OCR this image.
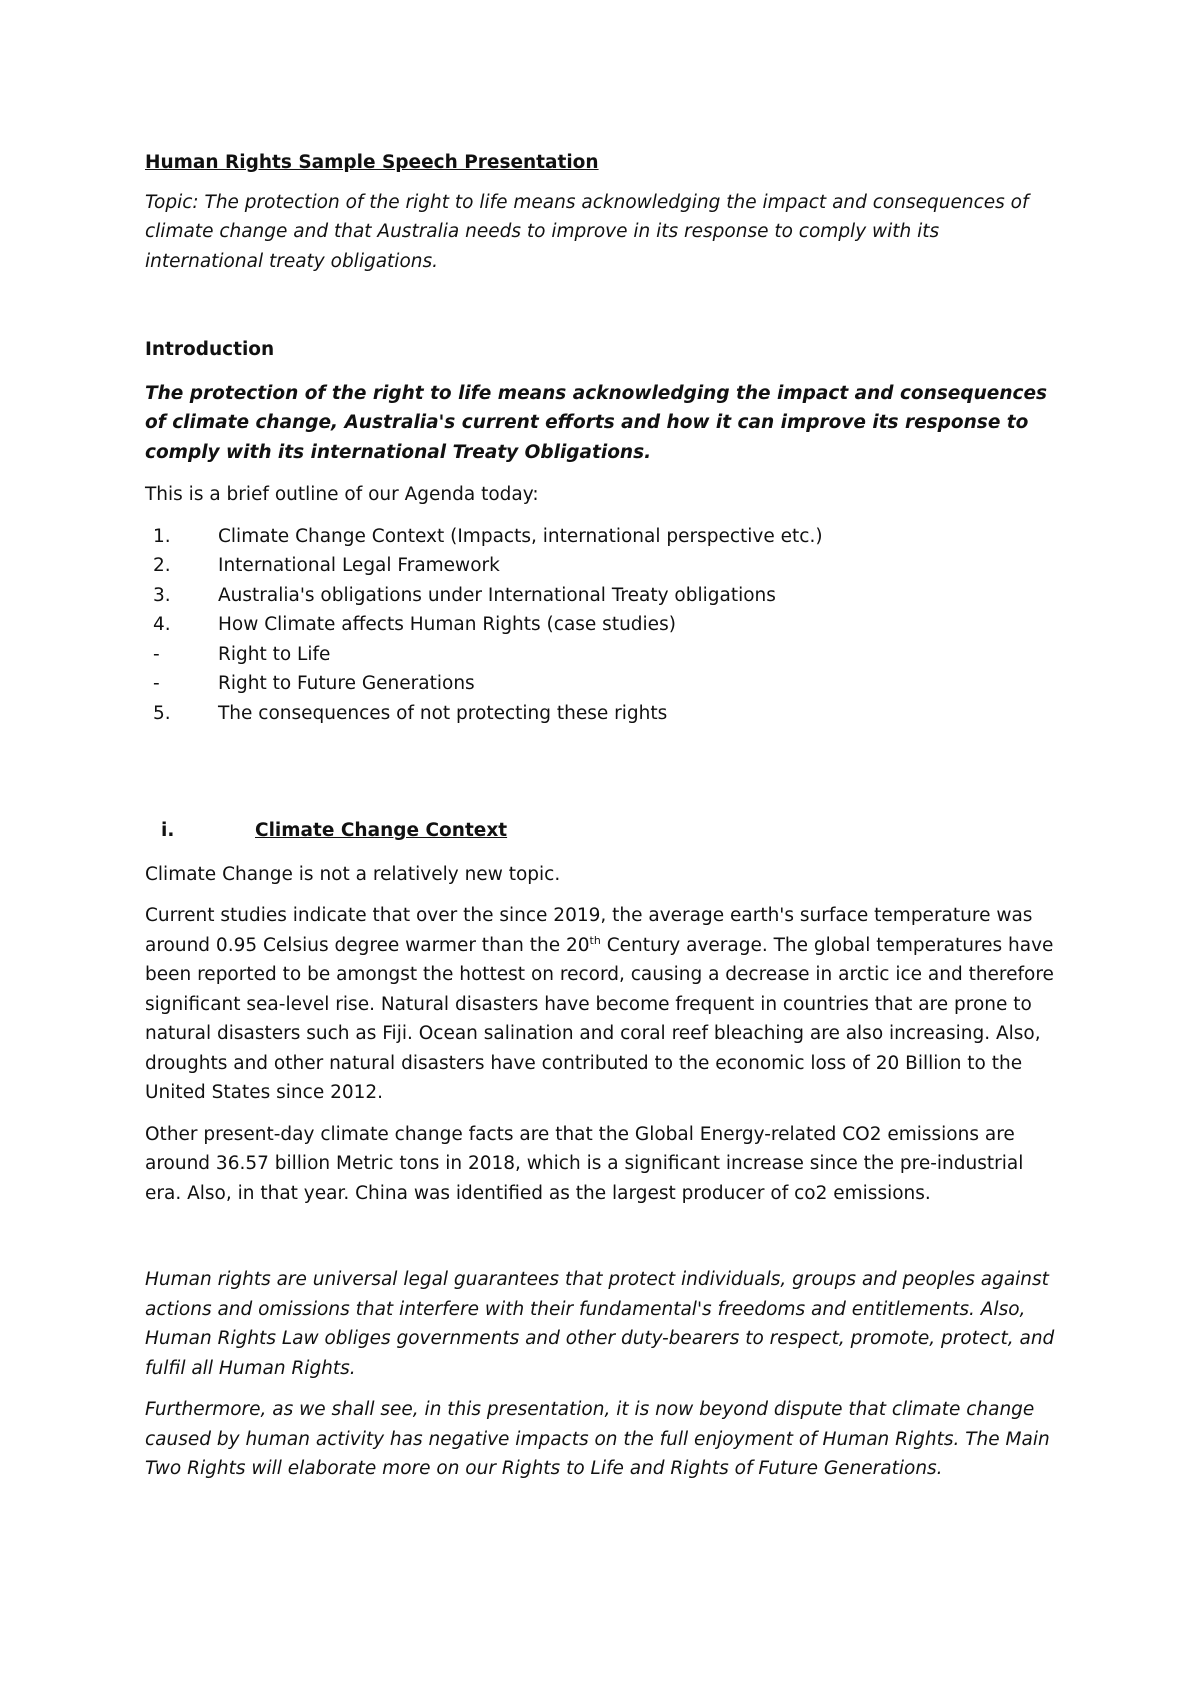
Human Rights Sample Speech Presentation

Topic: The protection of the right to life means acknowledging the impact and consequences of climate change and that Australia needs to improve in its response to comply with its international treaty obligations.

Introduction

The protection of the right to life means acknowledging the impact and consequences of climate change, Australia's current efforts and how it can improve its response to comply with its international Treaty Obligations.

This is a brief outline of our Agenda today:

1.	Climate Change Context (Impacts, international perspective etc.)
2.	International Legal Framework
3.	Australia's obligations under International Treaty obligations
4.	How Climate affects Human Rights (case studies)
-	Right to Life
-	Right to Future Generations
5.	The consequences of not protecting these rights
i.	Climate Change Context

Climate Change is not a relatively new topic.

Current studies indicate that over the since 2019, the average earth's surface temperature was around 0.95 Celsius degree warmer than the 20th Century average. The global temperatures have been reported to be amongst the hottest on record, causing a decrease in arctic ice and therefore significant sea-level rise. Natural disasters have become frequent in countries that are prone to natural disasters such as Fiji. Ocean salination and coral reef bleaching are also increasing. Also, droughts and other natural disasters have contributed to the economic loss of 20 Billion to the United States since 2012.

Other present-day climate change facts are that the Global Energy-related CO2 emissions are around 36.57 billion Metric tons in 2018, which is a significant increase since the pre-industrial era. Also, in that year. China was identified as the largest producer of co2 emissions.

Human rights are universal legal guarantees that protect individuals, groups and peoples against actions and omissions that interfere with their fundamental's freedoms and entitlements. Also, Human Rights Law obliges governments and other duty-bearers to respect, promote, protect, and fulfil all Human Rights.

Furthermore, as we shall see, in this presentation, it is now beyond dispute that climate change caused by human activity has negative impacts on the full enjoyment of Human Rights. The Main Two Rights will elaborate more on our Rights to Life and Rights of Future Generations.
